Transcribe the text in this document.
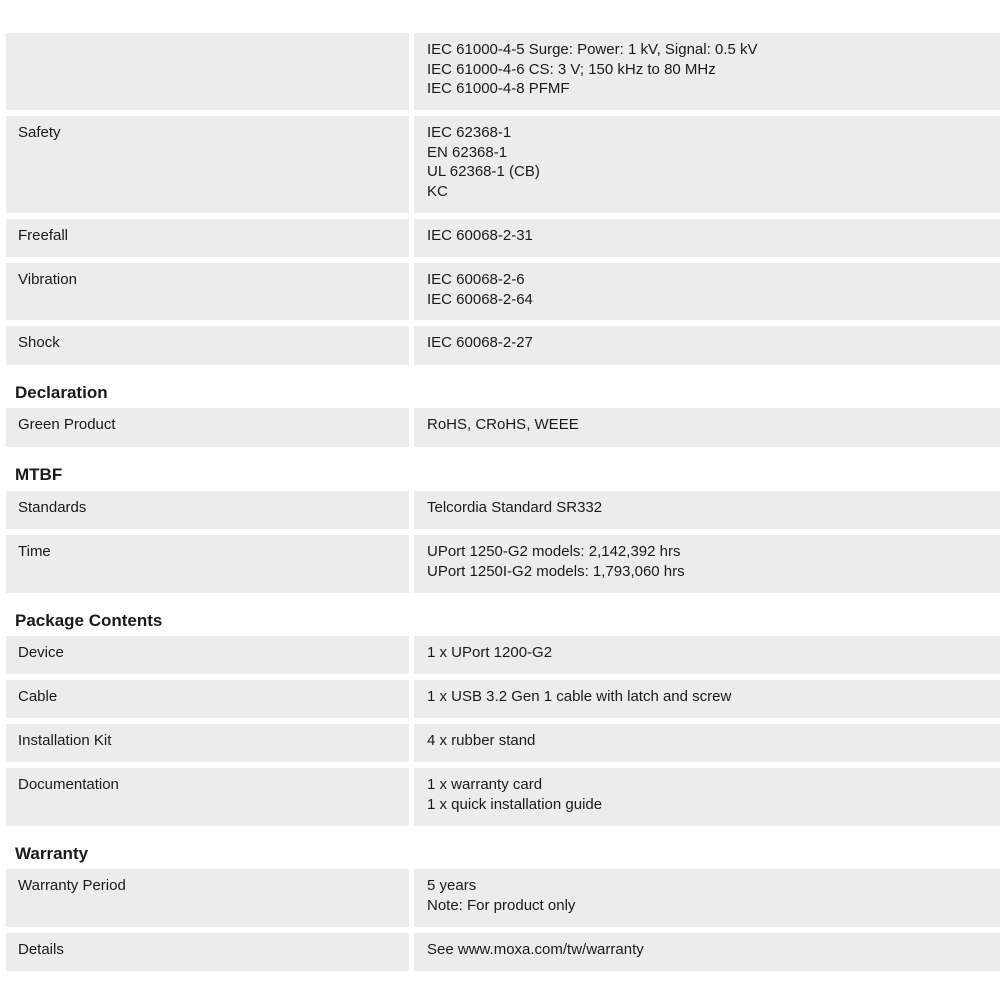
IEC 61000-4-5 Surge: Power: 1 kV, Signal: 0.5 kV
IEC 61000-4-6 CS: 3 V; 150 kHz to 80 MHz
IEC 61000-4-8 PFMF
Safety	IEC 62368-1
EN 62368-1
UL 62368-1 (CB)
KC
Freefall	IEC 60068-2-31
Vibration	IEC 60068-2-6
IEC 60068-2-64
Shock	IEC 60068-2-27
Declaration
Green Product	RoHS, CRoHS, WEEE
MTBF
Standards	Telcordia Standard SR332
Time	UPort 1250-G2 models: 2,142,392 hrs
UPort 1250I-G2 models: 1,793,060 hrs
Package Contents
Device	1 x UPort 1200-G2
Cable	1 x USB 3.2 Gen 1 cable with latch and screw
Installation Kit	4 x rubber stand
Documentation	1 x warranty card
1 x quick installation guide
Warranty
Warranty Period	5 years
Note: For product only
Details	See www.moxa.com/tw/warranty
